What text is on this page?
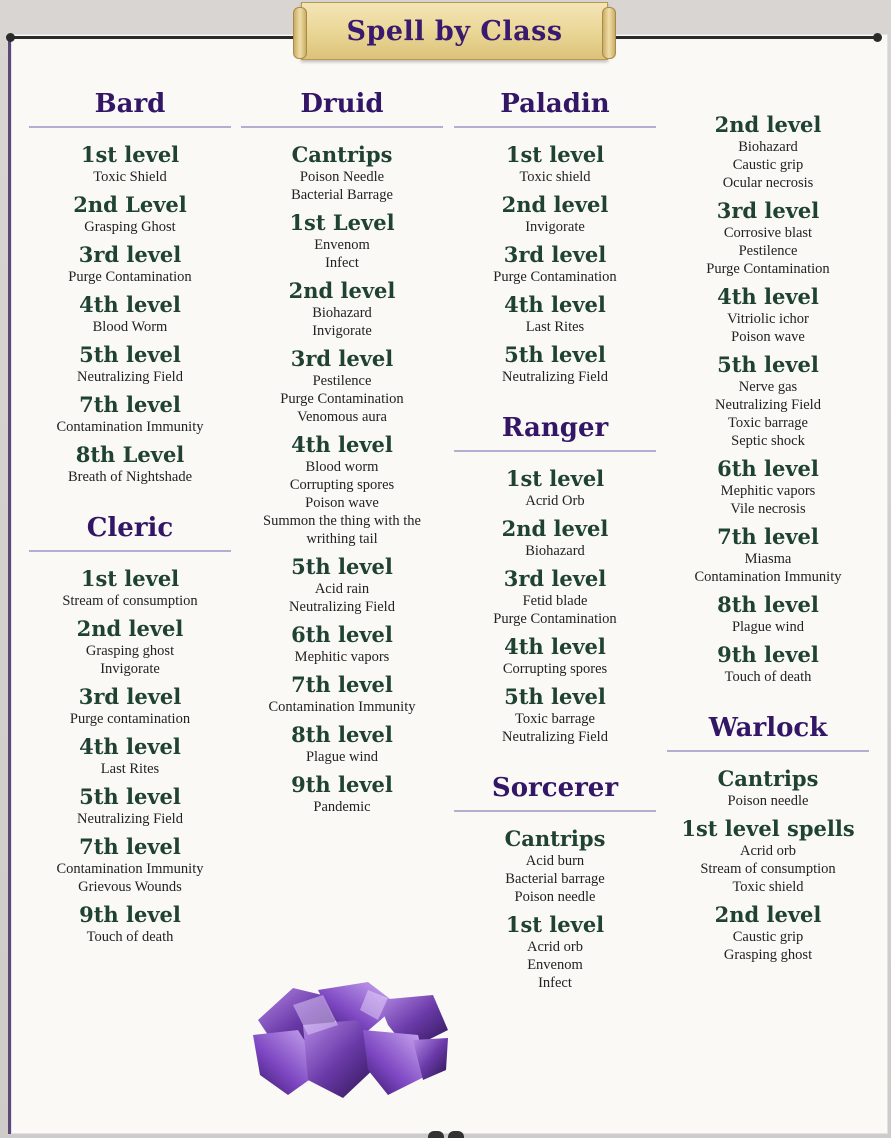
Spell by Class
Bard
1st level
Toxic Shield
2nd Level
Grasping Ghost
3rd level
Purge Contamination
4th level
Blood Worm
5th level
Neutralizing Field
7th level
Contamination Immunity
8th Level
Breath of Nightshade
Cleric
1st level
Stream of consumption
2nd level
Grasping ghost
Invigorate
3rd level
Purge contamination
4th level
Last Rites
5th level
Neutralizing Field
7th level
Contamination Immunity
Grievous Wounds
9th level
Touch of death
Druid
Cantrips
Poison Needle
Bacterial Barrage
1st Level
Envenom
Infect
2nd level
Biohazard
Invigorate
3rd level
Pestilence
Purge Contamination
Venomous aura
4th level
Blood worm
Corrupting spores
Poison wave
Summon the thing with the
writhing tail
5th level
Acid rain
Neutralizing Field
6th level
Mephitic vapors
7th level
Contamination Immunity
8th level
Plague wind
9th level
Pandemic
Paladin
1st level
Toxic shield
2nd level
Invigorate
3rd level
Purge Contamination
4th level
Last Rites
5th level
Neutralizing Field
Ranger
1st level
Acrid Orb
2nd level
Biohazard
3rd level
Fetid blade
Purge Contamination
4th level
Corrupting spores
5th level
Toxic barrage
Neutralizing Field
Sorcerer
Cantrips
Acid burn
Bacterial barrage
Poison needle
1st level
Acrid orb
Envenom
Infect
2nd level
Biohazard
Caustic grip
Ocular necrosis
3rd level
Corrosive blast
Pestilence
Purge Contamination
4th level
Vitriolic ichor
Poison wave
5th level
Nerve gas
Neutralizing Field
Toxic barrage
Septic shock
6th level
Mephitic vapors
Vile necrosis
7th level
Miasma
Contamination Immunity
8th level
Plague wind
9th level
Touch of death
Warlock
Cantrips
Poison needle
1st level spells
Acrid orb
Stream of consumption
Toxic shield
2nd level
Caustic grip
Grasping ghost
